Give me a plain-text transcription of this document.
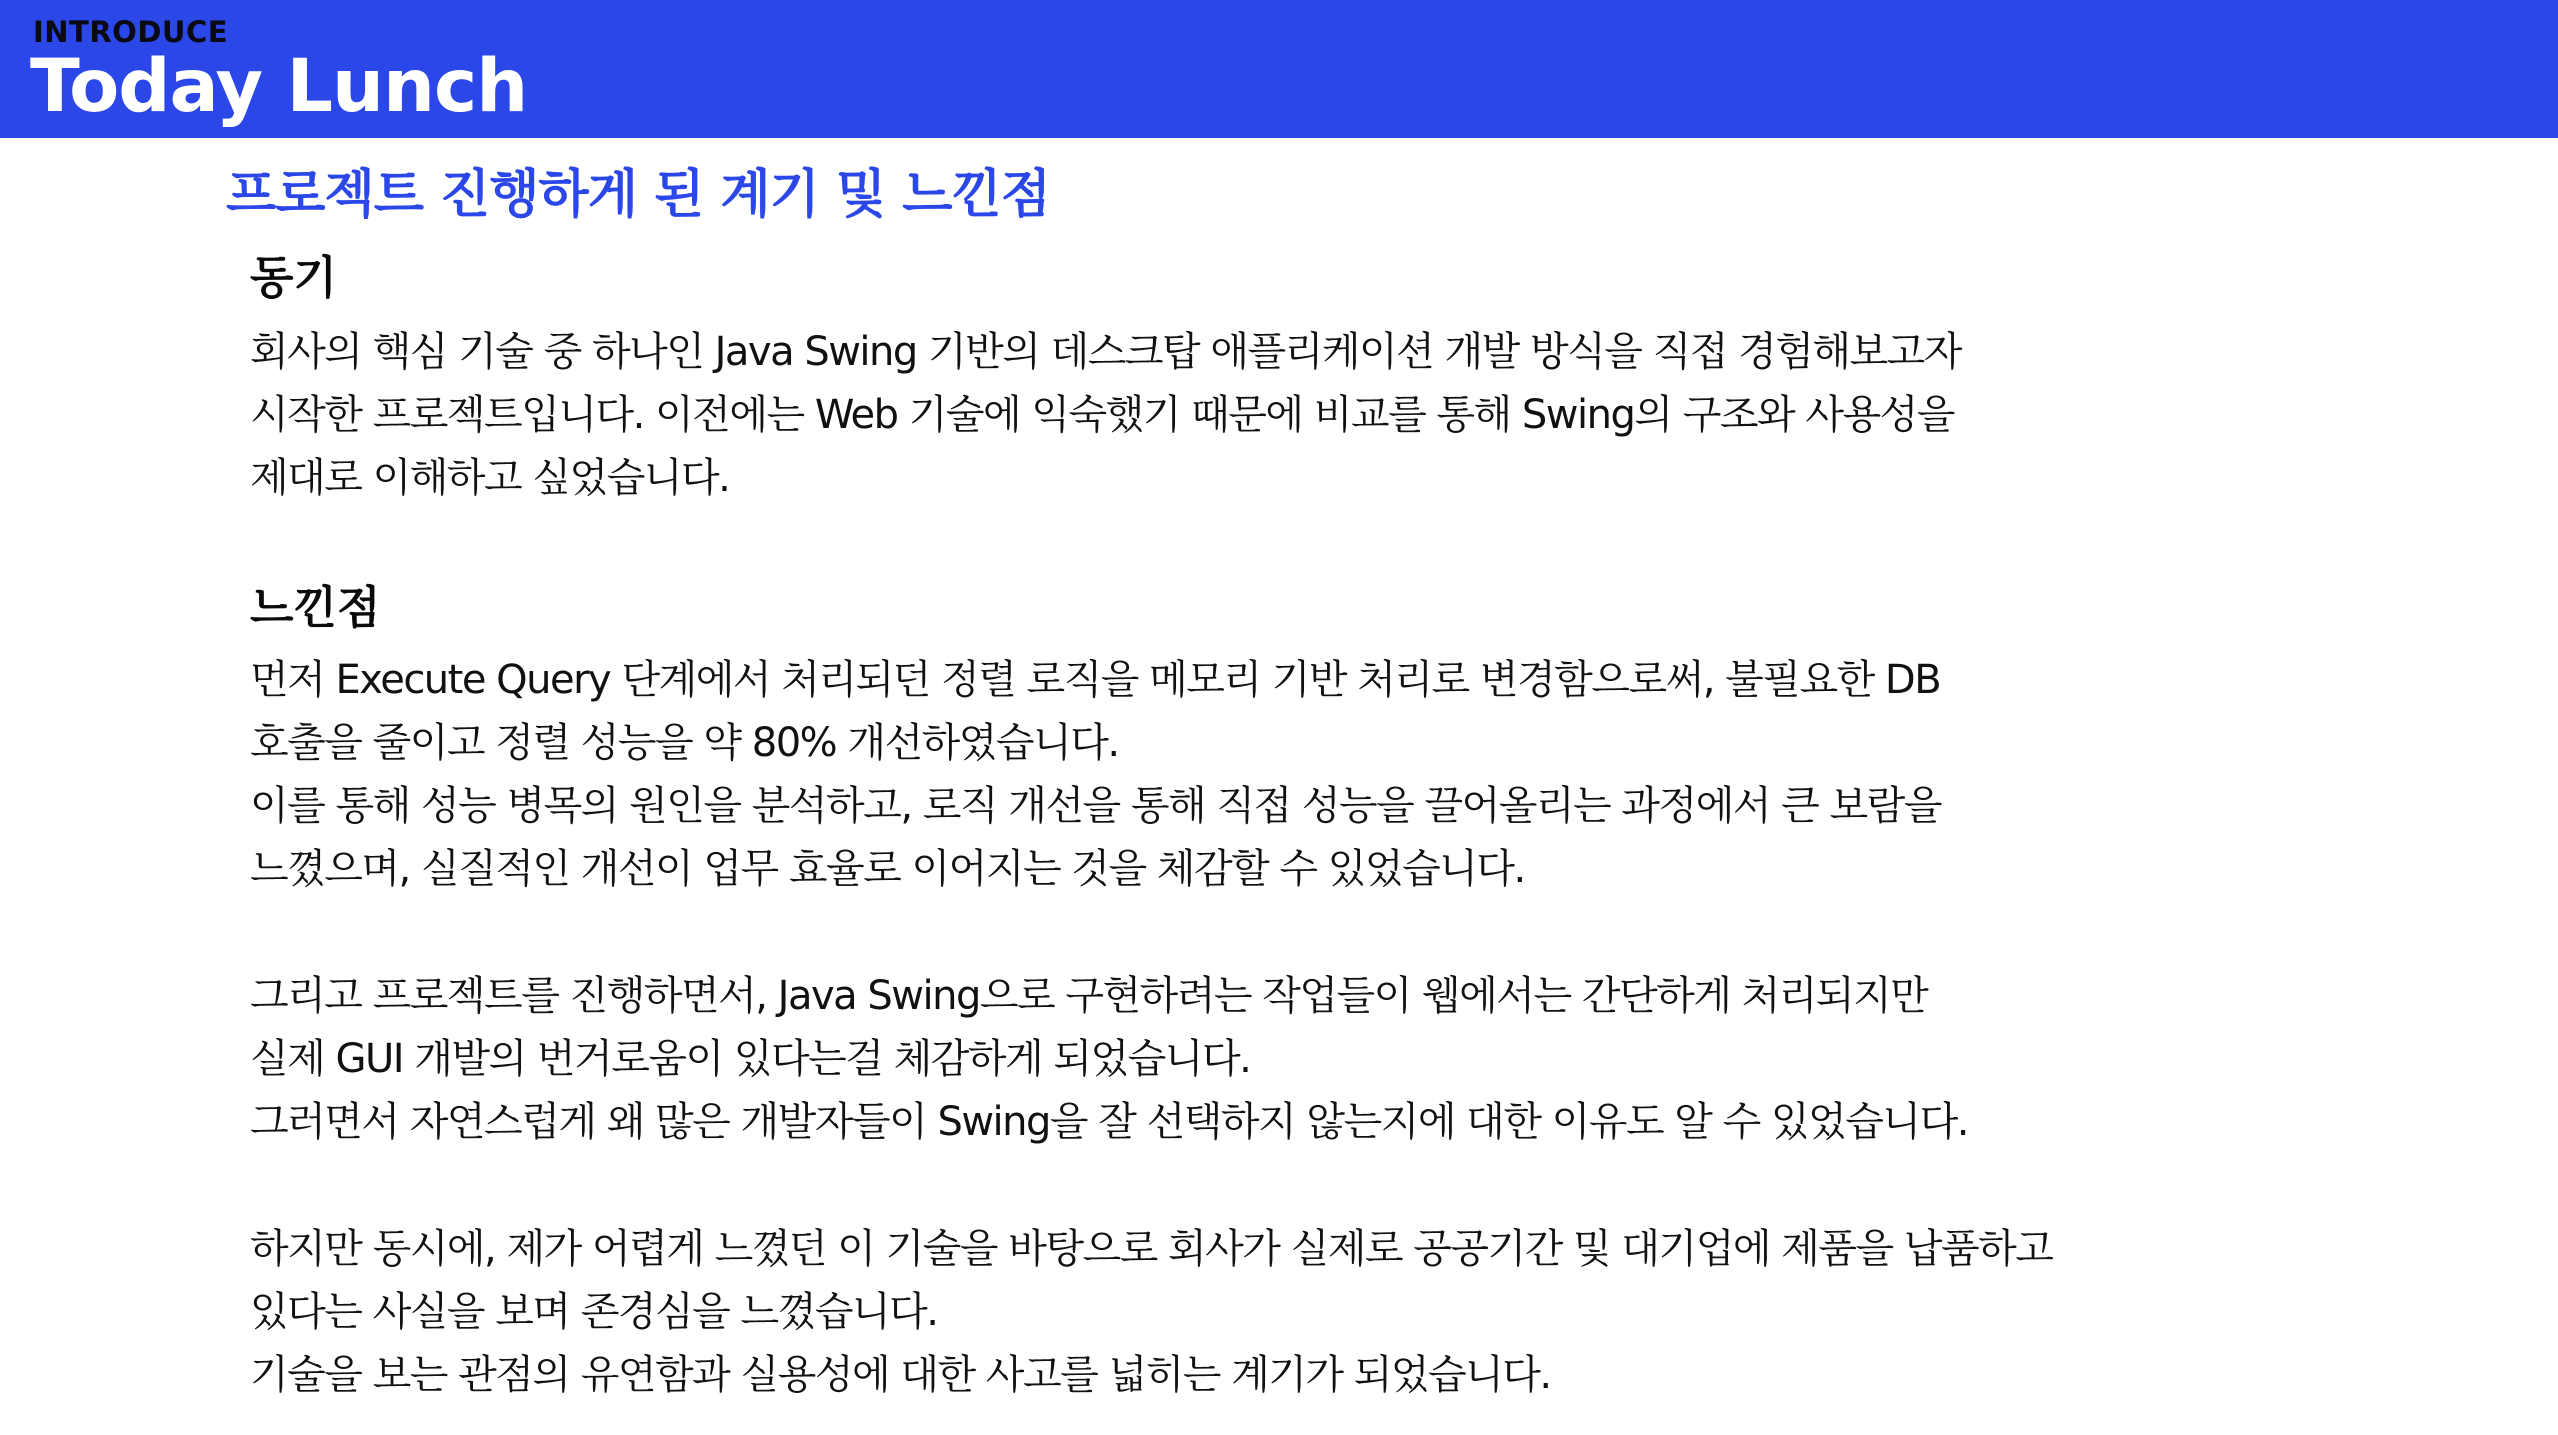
INTRODUCE
Today Lunch
프로젝트 진행하게 된 계기 및 느낀점
동기
회사의 핵심 기술 중 하나인 Java Swing 기반의 데스크탑 애플리케이션 개발 방식을 직접 경험해보고자
시작한 프로젝트입니다. 이전에는 Web 기술에 익숙했기 때문에 비교를 통해 Swing의 구조와 사용성을
제대로 이해하고 싶었습니다.
느낀점
먼저 Execute Query 단계에서 처리되던 정렬 로직을 메모리 기반 처리로 변경함으로써, 불필요한 DB
호출을 줄이고 정렬 성능을 약 80% 개선하였습니다.
이를 통해 성능 병목의 원인을 분석하고, 로직 개선을 통해 직접 성능을 끌어올리는 과정에서 큰 보람을
느꼈으며, 실질적인 개선이 업무 효율로 이어지는 것을 체감할 수 있었습니다.
그리고 프로젝트를 진행하면서, Java Swing으로 구현하려는 작업들이 웹에서는 간단하게 처리되지만
실제 GUI 개발의 번거로움이 있다는걸 체감하게 되었습니다.
그러면서 자연스럽게 왜 많은 개발자들이 Swing을 잘 선택하지 않는지에 대한 이유도 알 수 있었습니다.
하지만 동시에, 제가 어렵게 느꼈던 이 기술을 바탕으로 회사가 실제로 공공기간 및 대기업에 제품을 납품하고
있다는 사실을 보며 존경심을 느꼈습니다.
기술을 보는 관점의 유연함과 실용성에 대한 사고를 넓히는 계기가 되었습니다.
